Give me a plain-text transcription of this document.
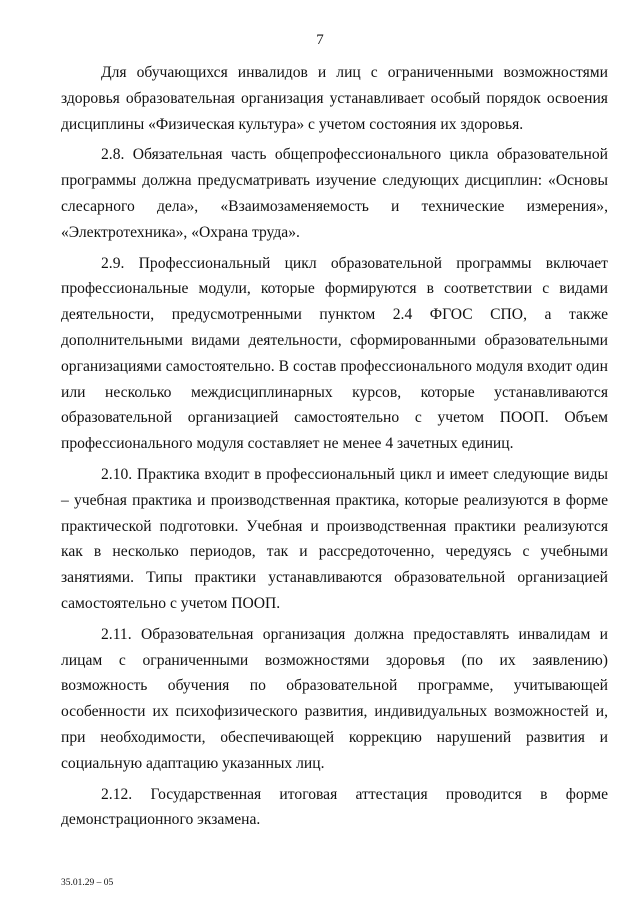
7

Для обучающихся инвалидов и лиц с ограниченными возможностями здоровья образовательная организация устанавливает особый порядок освоения дисциплины «Физическая культура» с учетом состояния их здоровья.

2.8. Обязательная часть общепрофессионального цикла образовательной программы должна предусматривать изучение следующих дисциплин: «Основы слесарного дела», «Взаимозаменяемость и технические измерения», «Электротехника», «Охрана труда».

2.9. Профессиональный цикл образовательной программы включает профессиональные модули, которые формируются в соответствии с видами деятельности, предусмотренными пунктом 2.4 ФГОС СПО, а также дополнительными видами деятельности, сформированными образовательными организациями самостоятельно. В состав профессионального модуля входит один или несколько междисциплинарных курсов, которые устанавливаются образовательной организацией самостоятельно с учетом ПООП. Объем профессионального модуля составляет не менее 4 зачетных единиц.

2.10. Практика входит в профессиональный цикл и имеет следующие виды – учебная практика и производственная практика, которые реализуются в форме практической подготовки. Учебная и производственная практики реализуются как в несколько периодов, так и рассредоточенно, чередуясь с учебными занятиями. Типы практики устанавливаются образовательной организацией самостоятельно с учетом ПООП.

2.11. Образовательная организация должна предоставлять инвалидам и лицам с ограниченными возможностями здоровья (по их заявлению) возможность обучения по образовательной программе, учитывающей особенности их психофизического развития, индивидуальных возможностей и, при необходимости, обеспечивающей коррекцию нарушений развития и социальную адаптацию указанных лиц.

2.12. Государственная итоговая аттестация проводится в форме демонстрационного экзамена.

35.01.29 – 05
